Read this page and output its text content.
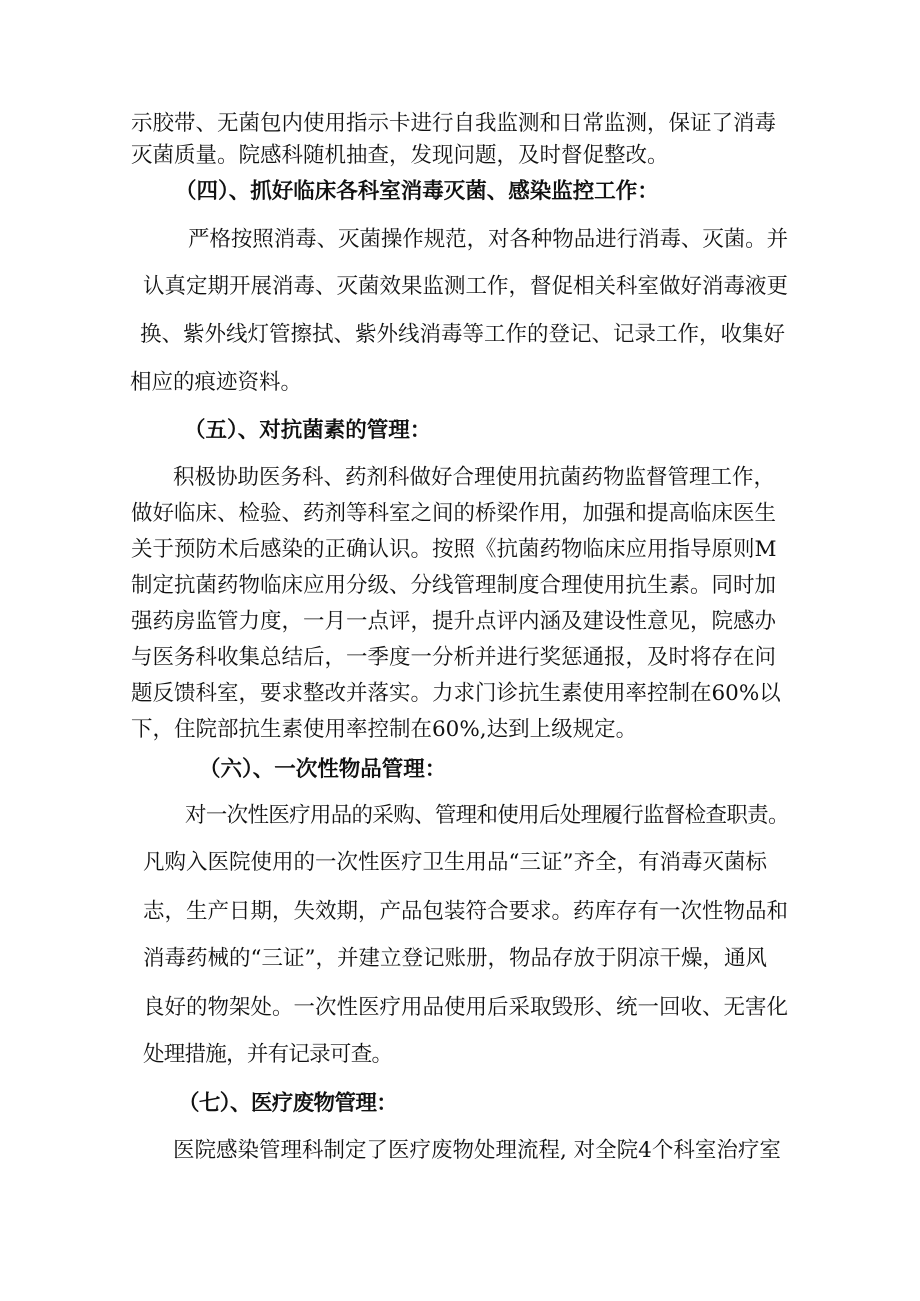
示胶带、无菌包内使用指示卡进行自我监测和日常监测，保证了消毒
灭菌质量。院感科随机抽查，发现问题，及时督促整改。
（四）、抓好临床各科室消毒灭菌、感染监控工作：
严格按照消毒、灭菌操作规范，对各种物品进行消毒、灭菌。并
认真定期开展消毒、灭菌效果监测工作，督促相关科室做好消毒液更
换、紫外线灯管擦拭、紫外线消毒等工作的登记、记录工作，收集好
相应的痕迹资料。
（五）、对抗菌素的管理：
积极协助医务科、药剂科做好合理使用抗菌药物监督管理工作，
做好临床、检验、药剂等科室之间的桥梁作用，加强和提高临床医生
关于预防术后感染的正确认识。按照《抗菌药物临床应用指导原则M
制定抗菌药物临床应用分级、分线管理制度合理使用抗生素。同时加
强药房监管力度，一月一点评，提升点评内涵及建设性意见，院感办
与医务科收集总结后，一季度一分析并进行奖惩通报，及时将存在问
题反馈科室，要求整改并落实。力求门诊抗生素使用率控制在60%以
下，住院部抗生素使用率控制在60%,达到上级规定。
（六）、一次性物品管理：
对一次性医疗用品的采购、管理和使用后处理履行监督检查职责。
凡购入医院使用的一次性医疗卫生用品“三证”齐全，有消毒灭菌标
志，生产日期，失效期，产品包装符合要求。药库存有一次性物品和
消毒药械的“三证”，并建立登记账册，物品存放于阴凉干燥，通风
良好的物架处。一次性医疗用品使用后采取毁形、统一回收、无害化
处理措施，并有记录可查。
（七）、医疗废物管理：
医院感染管理科制定了医疗废物处理流程, 对全院4个科室治疗室
